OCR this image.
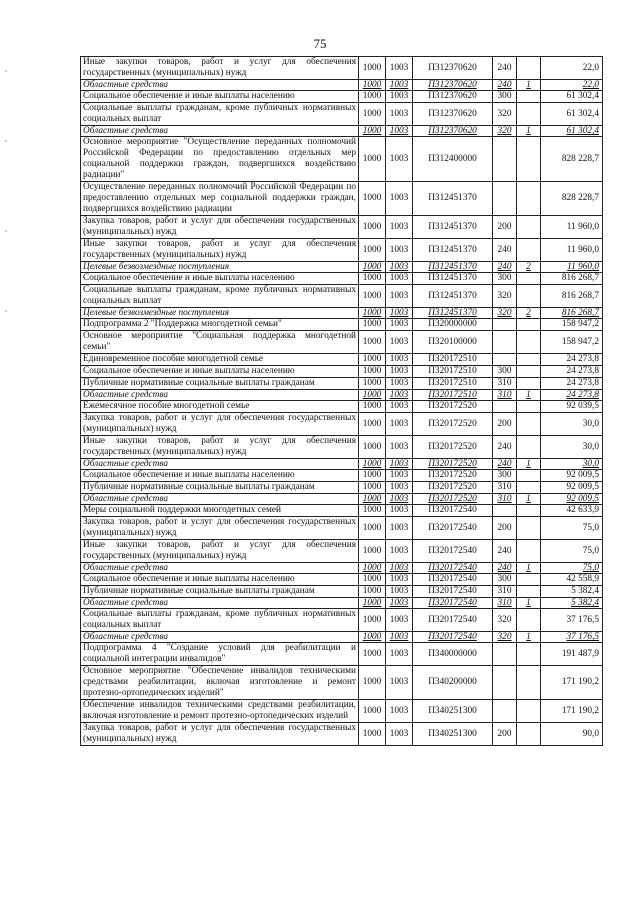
75
Иные закупки товаров, работ и услуг для обеспечения государственных (муниципальных) нужд	1000	1003	П312370620	240		22,0
Областные средства	1000	1003	П312370620	240	1	22,0
Социальное обеспечение и иные выплаты населению	1000	1003	П312370620	300		61 302,4
Социальные выплаты гражданам, кроме публичных нормативных социальных выплат	1000	1003	П312370620	320		61 302,4
Областные средства	1000	1003	П312370620	320	1	61 302,4
Основное мероприятие "Осуществление переданных полномочий Российской Федерации по предоставлению отдельных мер социальной поддержки граждан, подвергшихся воздействию радиации"	1000	1003	П312400000			828 228,7
Осуществление переданных полномочий Российской Федерации по предоставлению отдельных мер социальной поддержки граждан, подвергшихся воздействию радиации	1000	1003	П312451370			828 228,7
Закупка товаров, работ и услуг для обеспечения государственных (муниципальных) нужд	1000	1003	П312451370	200		11 960,0
Иные закупки товаров, работ и услуг для обеспечения государственных (муниципальных) нужд	1000	1003	П312451370	240		11 960,0
Целевые безвозмездные поступления	1000	1003	П312451370	240	2	11 960,0
Социальное обеспечение и иные выплаты населению	1000	1003	П312451370	300		816 268,7
Социальные выплаты гражданам, кроме публичных нормативных социальных выплат	1000	1003	П312451370	320		816 268,7
Целевые безвозмездные поступления	1000	1003	П312451370	320	2	816 268,7
Подпрограмма 2 "Поддержка многодетной семьи"	1000	1003	П320000000			158 947,2
Основное мероприятие "Социальная поддержка многодетной семьи"	1000	1003	П320100000			158 947,2
Единовременное пособие многодетной семье	1000	1003	П320172510			24 273,8
Социальное обеспечение и иные выплаты населению	1000	1003	П320172510	300		24 273,8
Публичные нормативные социальные выплаты гражданам	1000	1003	П320172510	310		24 273,8
Областные средства	1000	1003	П320172510	310	1	24 273,8
Ежемесячное пособие многодетной семье	1000	1003	П320172520			92 039,5
Закупка товаров, работ и услуг для обеспечения государственных (муниципальных) нужд	1000	1003	П320172520	200		30,0
Иные закупки товаров, работ и услуг для обеспечения государственных (муниципальных) нужд	1000	1003	П320172520	240		30,0
Областные средства	1000	1003	П320172520	240	1	30,0
Социальное обеспечение и иные выплаты населению	1000	1003	П320172520	300		92 009,5
Публичные нормативные социальные выплаты гражданам	1000	1003	П320172520	310		92 009,5
Областные средства	1000	1003	П320172520	310	1	92 009,5
Меры социальной поддержки многодетных семей	1000	1003	П320172540			42 633,9
Закупка товаров, работ и услуг для обеспечения государственных (муниципальных) нужд	1000	1003	П320172540	200		75,0
Иные закупки товаров, работ и услуг для обеспечения государственных (муниципальных) нужд	1000	1003	П320172540	240		75,0
Областные средства	1000	1003	П320172540	240	1	75,0
Социальное обеспечение и иные выплаты населению	1000	1003	П320172540	300		42 558,9
Публичные нормативные социальные выплаты гражданам	1000	1003	П320172540	310		5 382,4
Областные средства	1000	1003	П320172540	310	1	5 382,4
Социальные выплаты гражданам, кроме публичных нормативных социальных выплат	1000	1003	П320172540	320		37 176,5
Областные средства	1000	1003	П320172540	320	1	37 176,5
Подпрограмма 4 "Создание условий для реабилитации и социальной интеграции инвалидов"	1000	1003	П340000000			191 487,9
Основное мероприятие "Обеспечение инвалидов техническими средствами реабилитации, включая изготовление и ремонт протезно-ортопедических изделий"	1000	1003	П340200000			171 190,2
Обеспечение инвалидов техническими средствами реабилитации, включая изготовление и ремонт протезно-ортопедических изделий	1000	1003	П340251300			171 190,2
Закупка товаров, работ и услуг для обеспечения государственных (муниципальных) нужд	1000	1003	П340251300	200		90,0
